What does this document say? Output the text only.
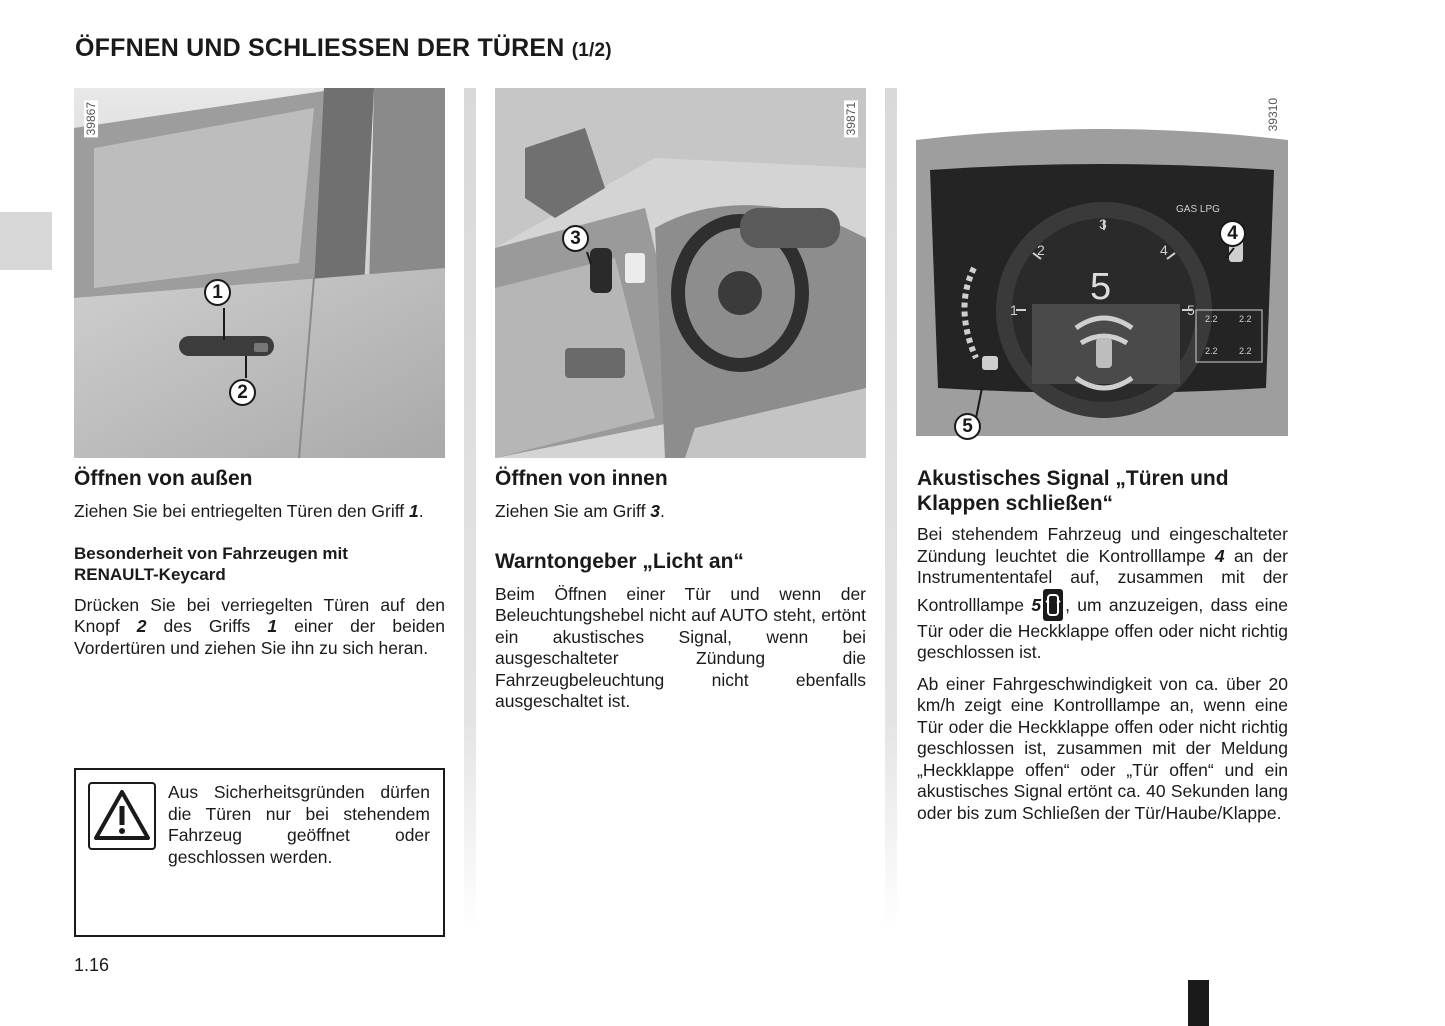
ÖFFNEN UND SCHLIESSEN DER TÜREN (1/2)
39867
1
2
39871
3
5
1
2
3
4
5
GAS LPG
2.2 2.2
2.2 2.2
39310
4
5
Öffnen von außen

Ziehen Sie bei entriegelten Türen den Griff 1.

Besonderheit von Fahrzeugen mit
RENAULT-Keycard

Drücken Sie bei verriegelten Türen auf den Knopf 2 des Griffs 1 einer der beiden Vordertüren und ziehen Sie ihn zu sich heran.

Aus Sicherheitsgründen dürfen die Türen nur bei stehendem Fahrzeug geöffnet oder geschlossen werden.
Öffnen von innen

Ziehen Sie am Griff 3.

Warntongeber „Licht an“
Beim Öffnen einer Tür und wenn der Beleuchtungshebel nicht auf AUTO steht, ertönt ein akustisches Signal, wenn bei ausgeschalteter Zündung die Fahrzeugbeleuchtung nicht ebenfalls ausgeschaltet ist.
Akustisches Signal „Türen und
Klappen schließen“

Bei stehendem Fahrzeug und eingeschalteter Zündung leuchtet die Kontrolllampe 4 an der Instrumententafel auf, zusammen mit der Kontrolllampe 5 , um anzuzeigen, dass eine Tür oder die Heckklappe offen oder nicht richtig geschlossen ist.

Ab einer Fahrgeschwindigkeit von ca. über 20 km/h zeigt eine Kontrolllampe an, wenn eine Tür oder die Heckklappe offen oder nicht richtig geschlossen ist, zusammen mit der Meldung „Heckklappe offen“ oder „Tür offen“ und ein akustisches Signal ertönt ca. 40 Sekunden lang oder bis zum Schließen der Tür/Haube/Klappe.
1.16
